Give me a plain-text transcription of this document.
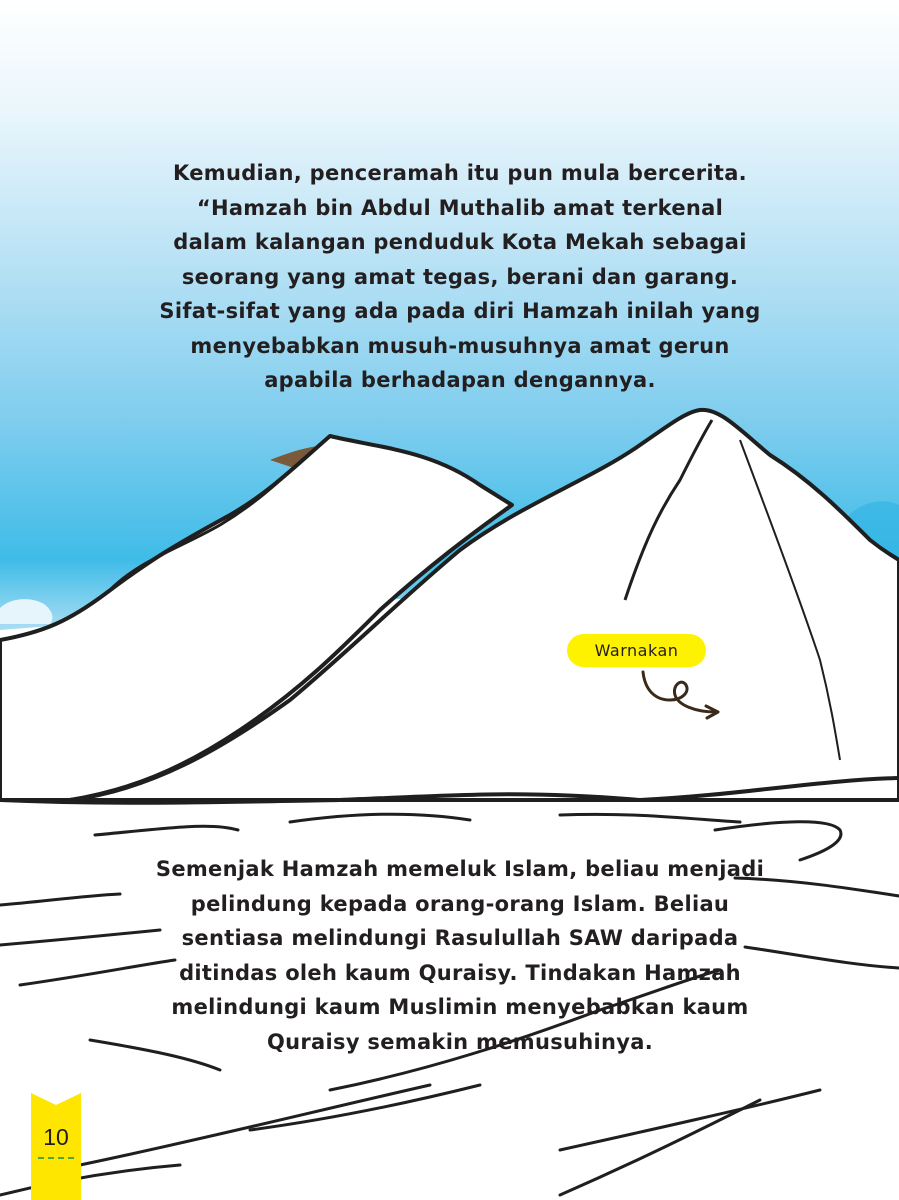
Kemudian, penceramah itu pun mula bercerita.
“Hamzah bin Abdul Muthalib amat terkenal
dalam kalangan penduduk Kota Mekah sebagai
seorang yang amat tegas, berani dan garang.
Sifat-sifat yang ada pada diri Hamzah inilah yang
menyebabkan musuh-musuhnya amat gerun
apabila berhadapan dengannya.
Warnakan
Semenjak Hamzah memeluk Islam, beliau menjadi
pelindung kepada orang-orang Islam. Beliau
sentiasa melindungi Rasulullah SAW daripada
ditindas oleh kaum Quraisy. Tindakan Hamzah
melindungi kaum Muslimin menyebabkan kaum
Quraisy semakin memusuhinya.
10
